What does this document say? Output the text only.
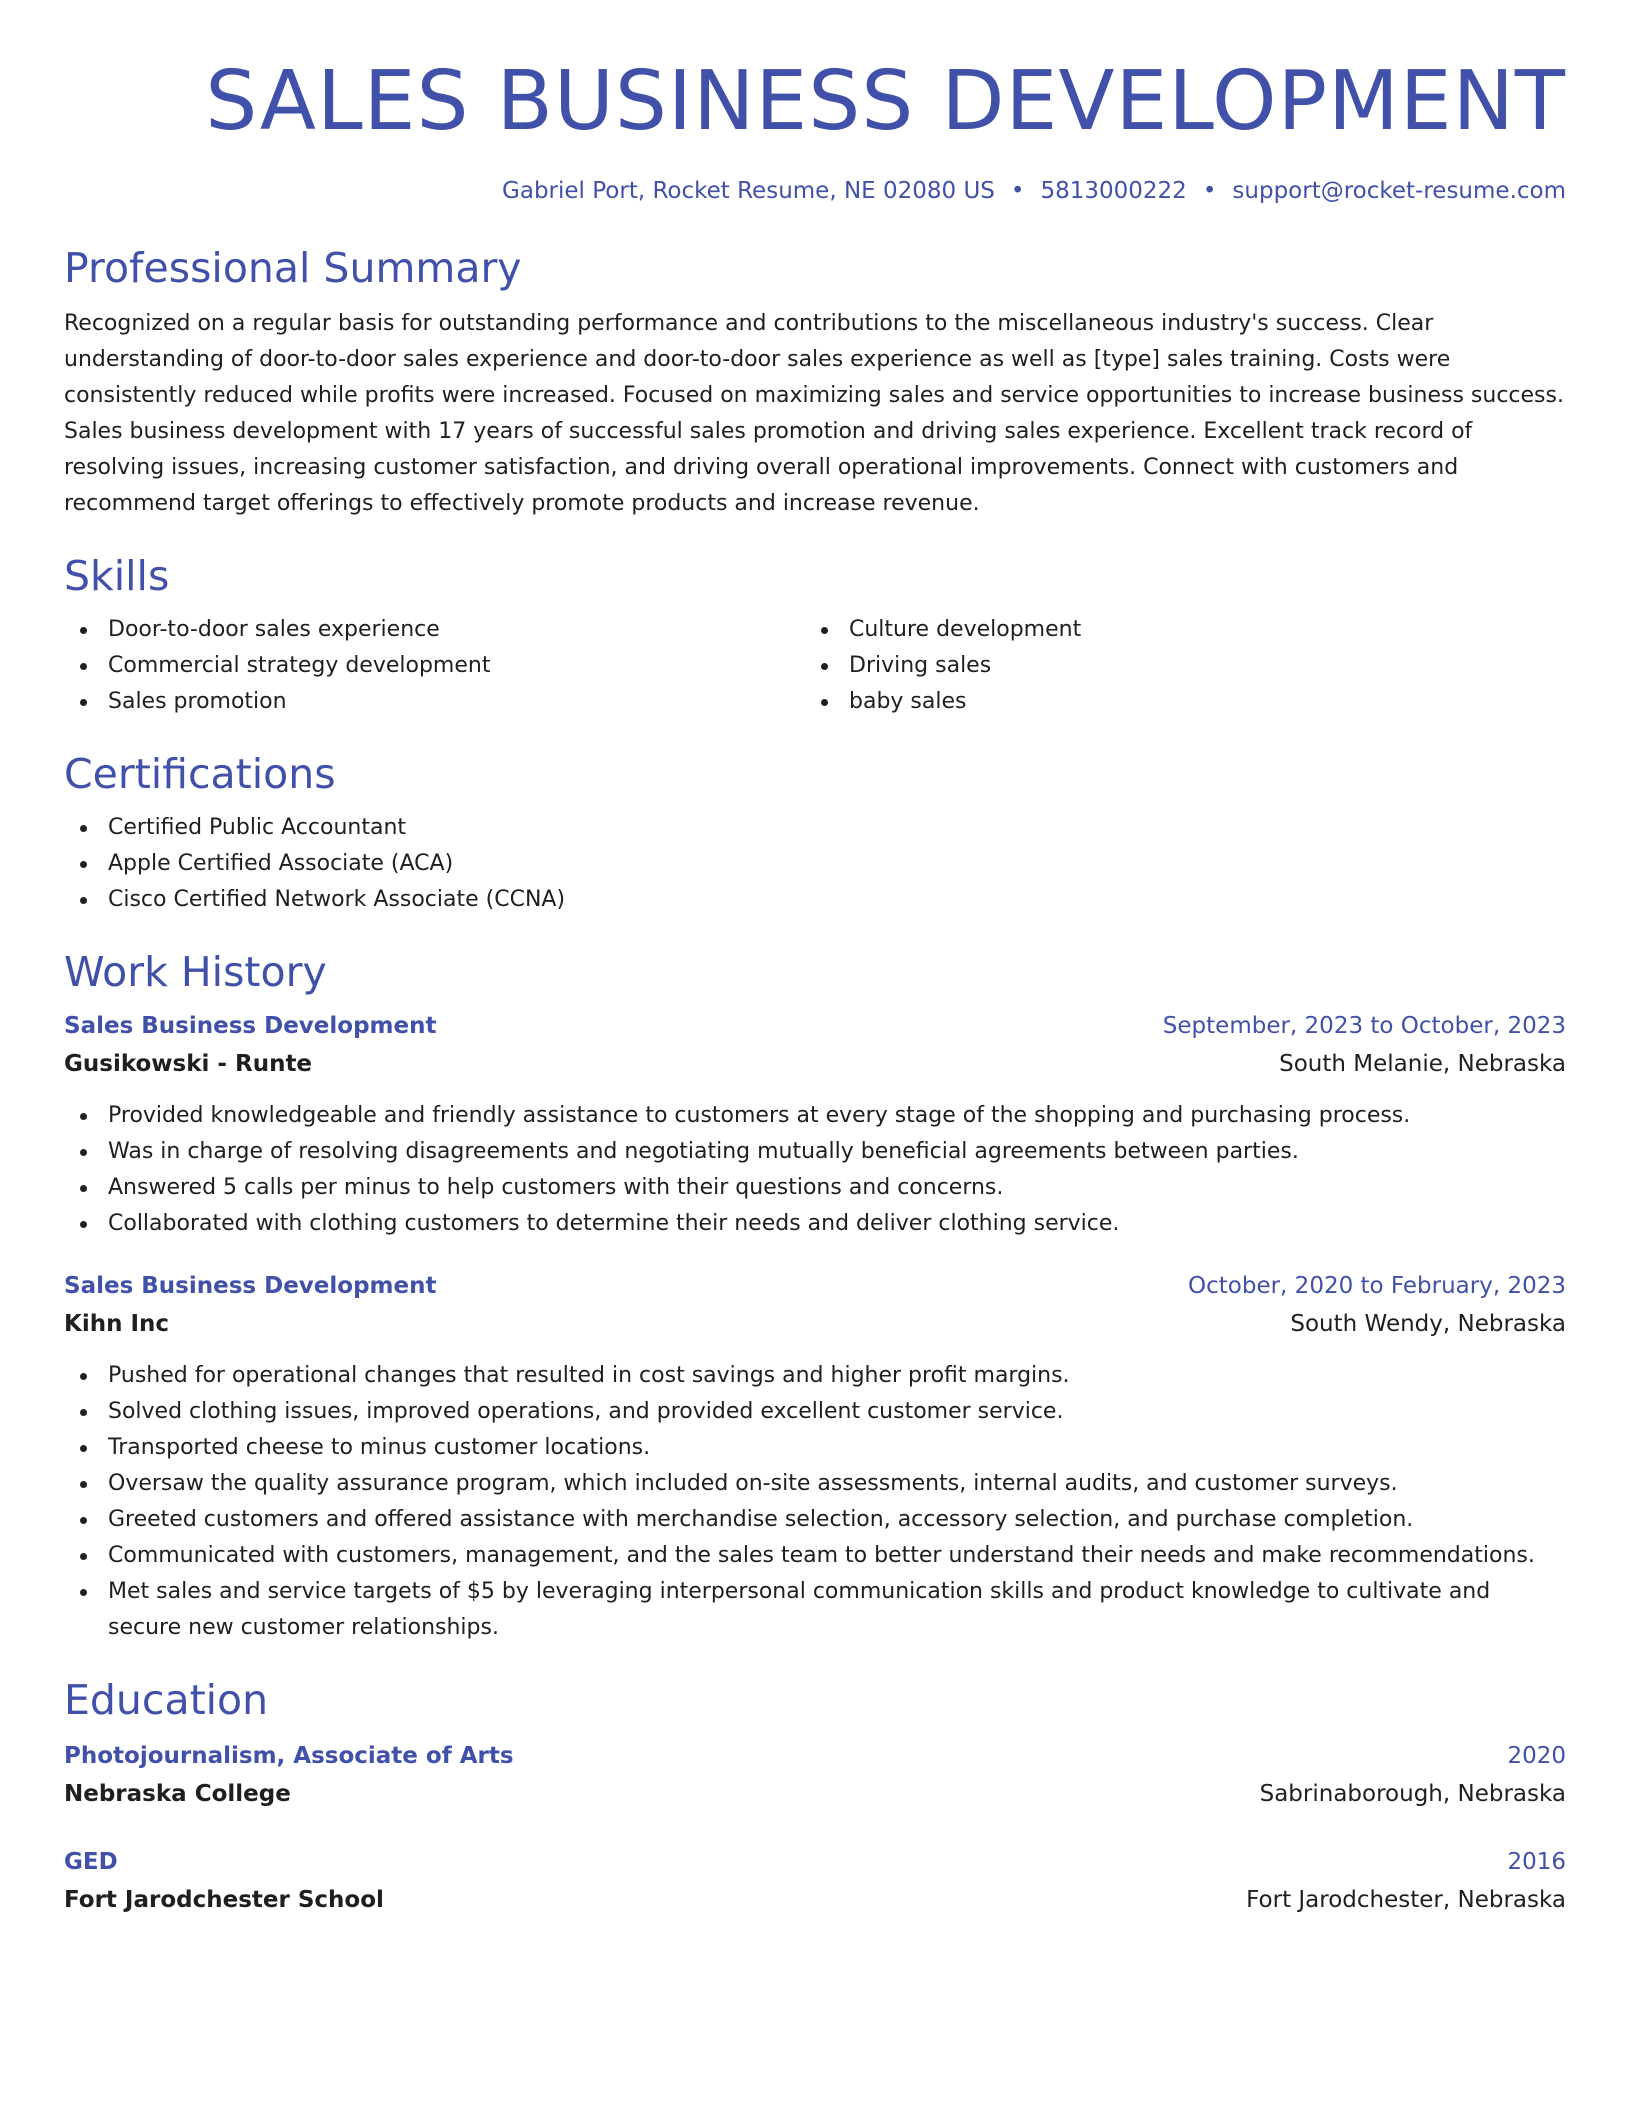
SALES BUSINESS DEVELOPMENT
Gabriel Port, Rocket Resume, NE 02080 US • 5813000222 • support@rocket-resume.com
Professional Summary

Recognized on a regular basis for outstanding performance and contributions to the miscellaneous industry's success. Clear understanding of door-to-door sales experience and door-to-door sales experience as well as [type] sales training. Costs were consistently reduced while profits were increased. Focused on maximizing sales and service opportunities to increase business success. Sales business development with 17 years of successful sales promotion and driving sales experience. Excellent track record of resolving issues, increasing customer satisfaction, and driving overall operational improvements. Connect with customers and recommend target offerings to effectively promote products and increase revenue.

Skills
Door-to-door sales experience
Commercial strategy development
Sales promotion
Culture development
Driving sales
baby sales
Certifications
Certified Public Accountant
Apple Certified Associate (ACA)
Cisco Certified Network Associate (CCNA)
Work History
Sales Business Development	September, 2023 to October, 2023
Gusikowski - Runte	South Melanie, Nebraska
Provided knowledgeable and friendly assistance to customers at every stage of the shopping and purchasing process.
Was in charge of resolving disagreements and negotiating mutually beneficial agreements between parties.
Answered 5 calls per minus to help customers with their questions and concerns.
Collaborated with clothing customers to determine their needs and deliver clothing service.
Sales Business Development	October, 2020 to February, 2023
Kihn Inc	South Wendy, Nebraska
Pushed for operational changes that resulted in cost savings and higher profit margins.
Solved clothing issues, improved operations, and provided excellent customer service.
Transported cheese to minus customer locations.
Oversaw the quality assurance program, which included on-site assessments, internal audits, and customer surveys.
Greeted customers and offered assistance with merchandise selection, accessory selection, and purchase completion.
Communicated with customers, management, and the sales team to better understand their needs and make recommendations.
Met sales and service targets of $5 by leveraging interpersonal communication skills and product knowledge to cultivate and secure new customer relationships.
Education
Photojournalism, Associate of Arts	2020
Nebraska College	Sabrinaborough, Nebraska
GED	2016
Fort Jarodchester School	Fort Jarodchester, Nebraska
